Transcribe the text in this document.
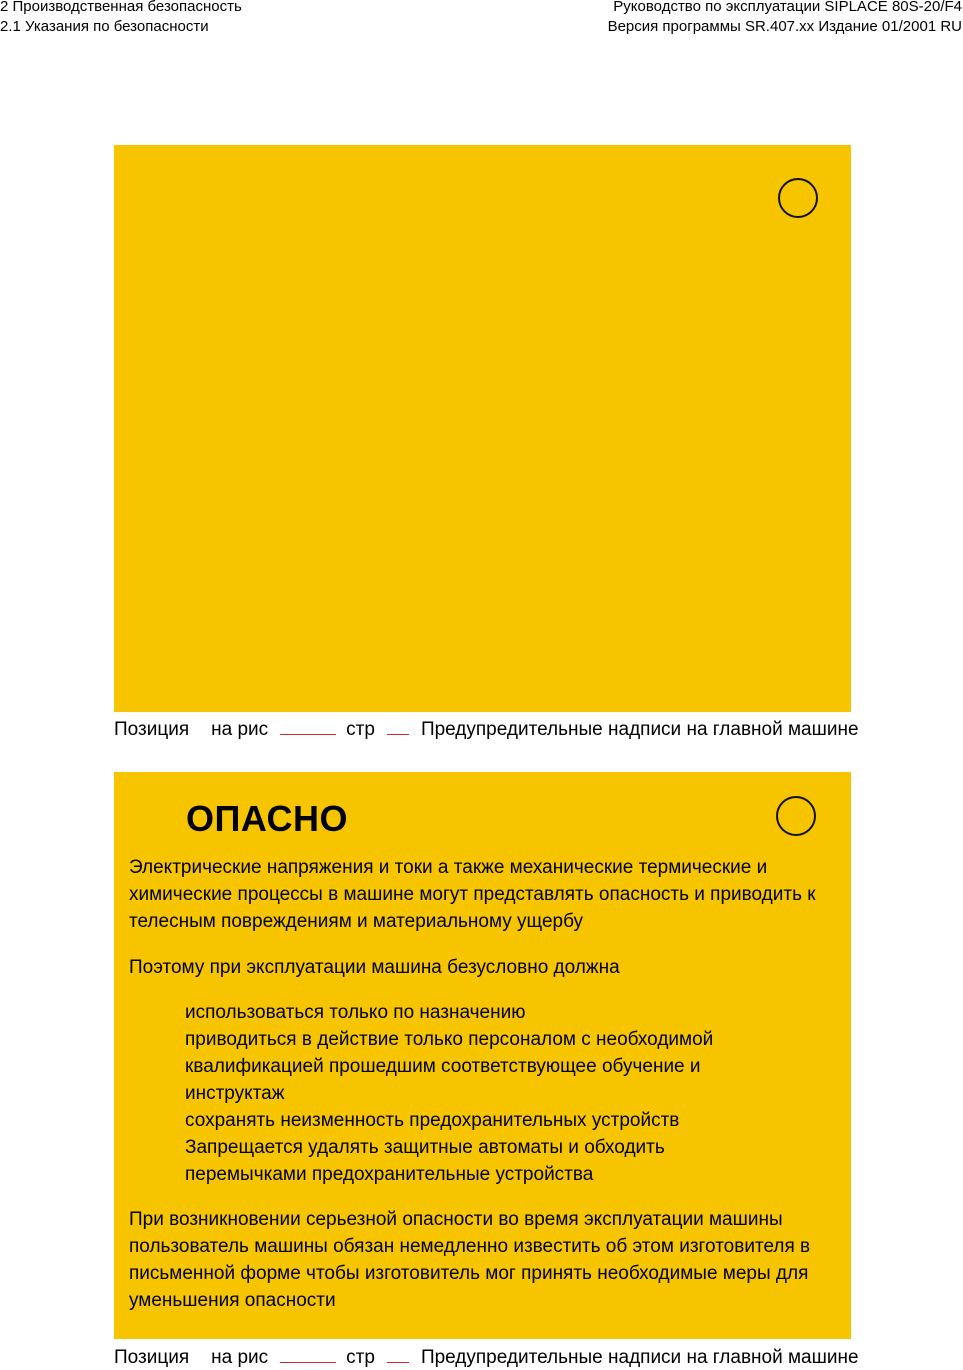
2 Производственная безопасность
2.1 Указания по безопасности
Руководство по эксплуатации SIPLACE 80S-20/F4
Версия программы SR.407.xx Издание 01/2001 RU
Позиция на рис	стр Предупредительные надписи на главной машине
ОПАСНО
Электрические напряжения и токи а также механические термические и химические процессы в машине могут представлять опасность и приводить к телесным повреждениям и материальному ущербу
Поэтому при эксплуатации машина безусловно должна
использоваться только по назначению
приводиться в действие только персоналом с необходимой квалификацией прошедшим соответствующее обучение и инструктаж
сохранять неизменность предохранительных устройств
Запрещается удалять защитные автоматы и обходить перемычками предохранительные устройства
При возникновении серьезной опасности во время эксплуатации машины пользователь машины обязан немедленно известить об этом изготовителя в письменной форме чтобы изготовитель мог принять необходимые меры для уменьшения опасности
Позиция на рис	стр Предупредительные надписи на главной машине
